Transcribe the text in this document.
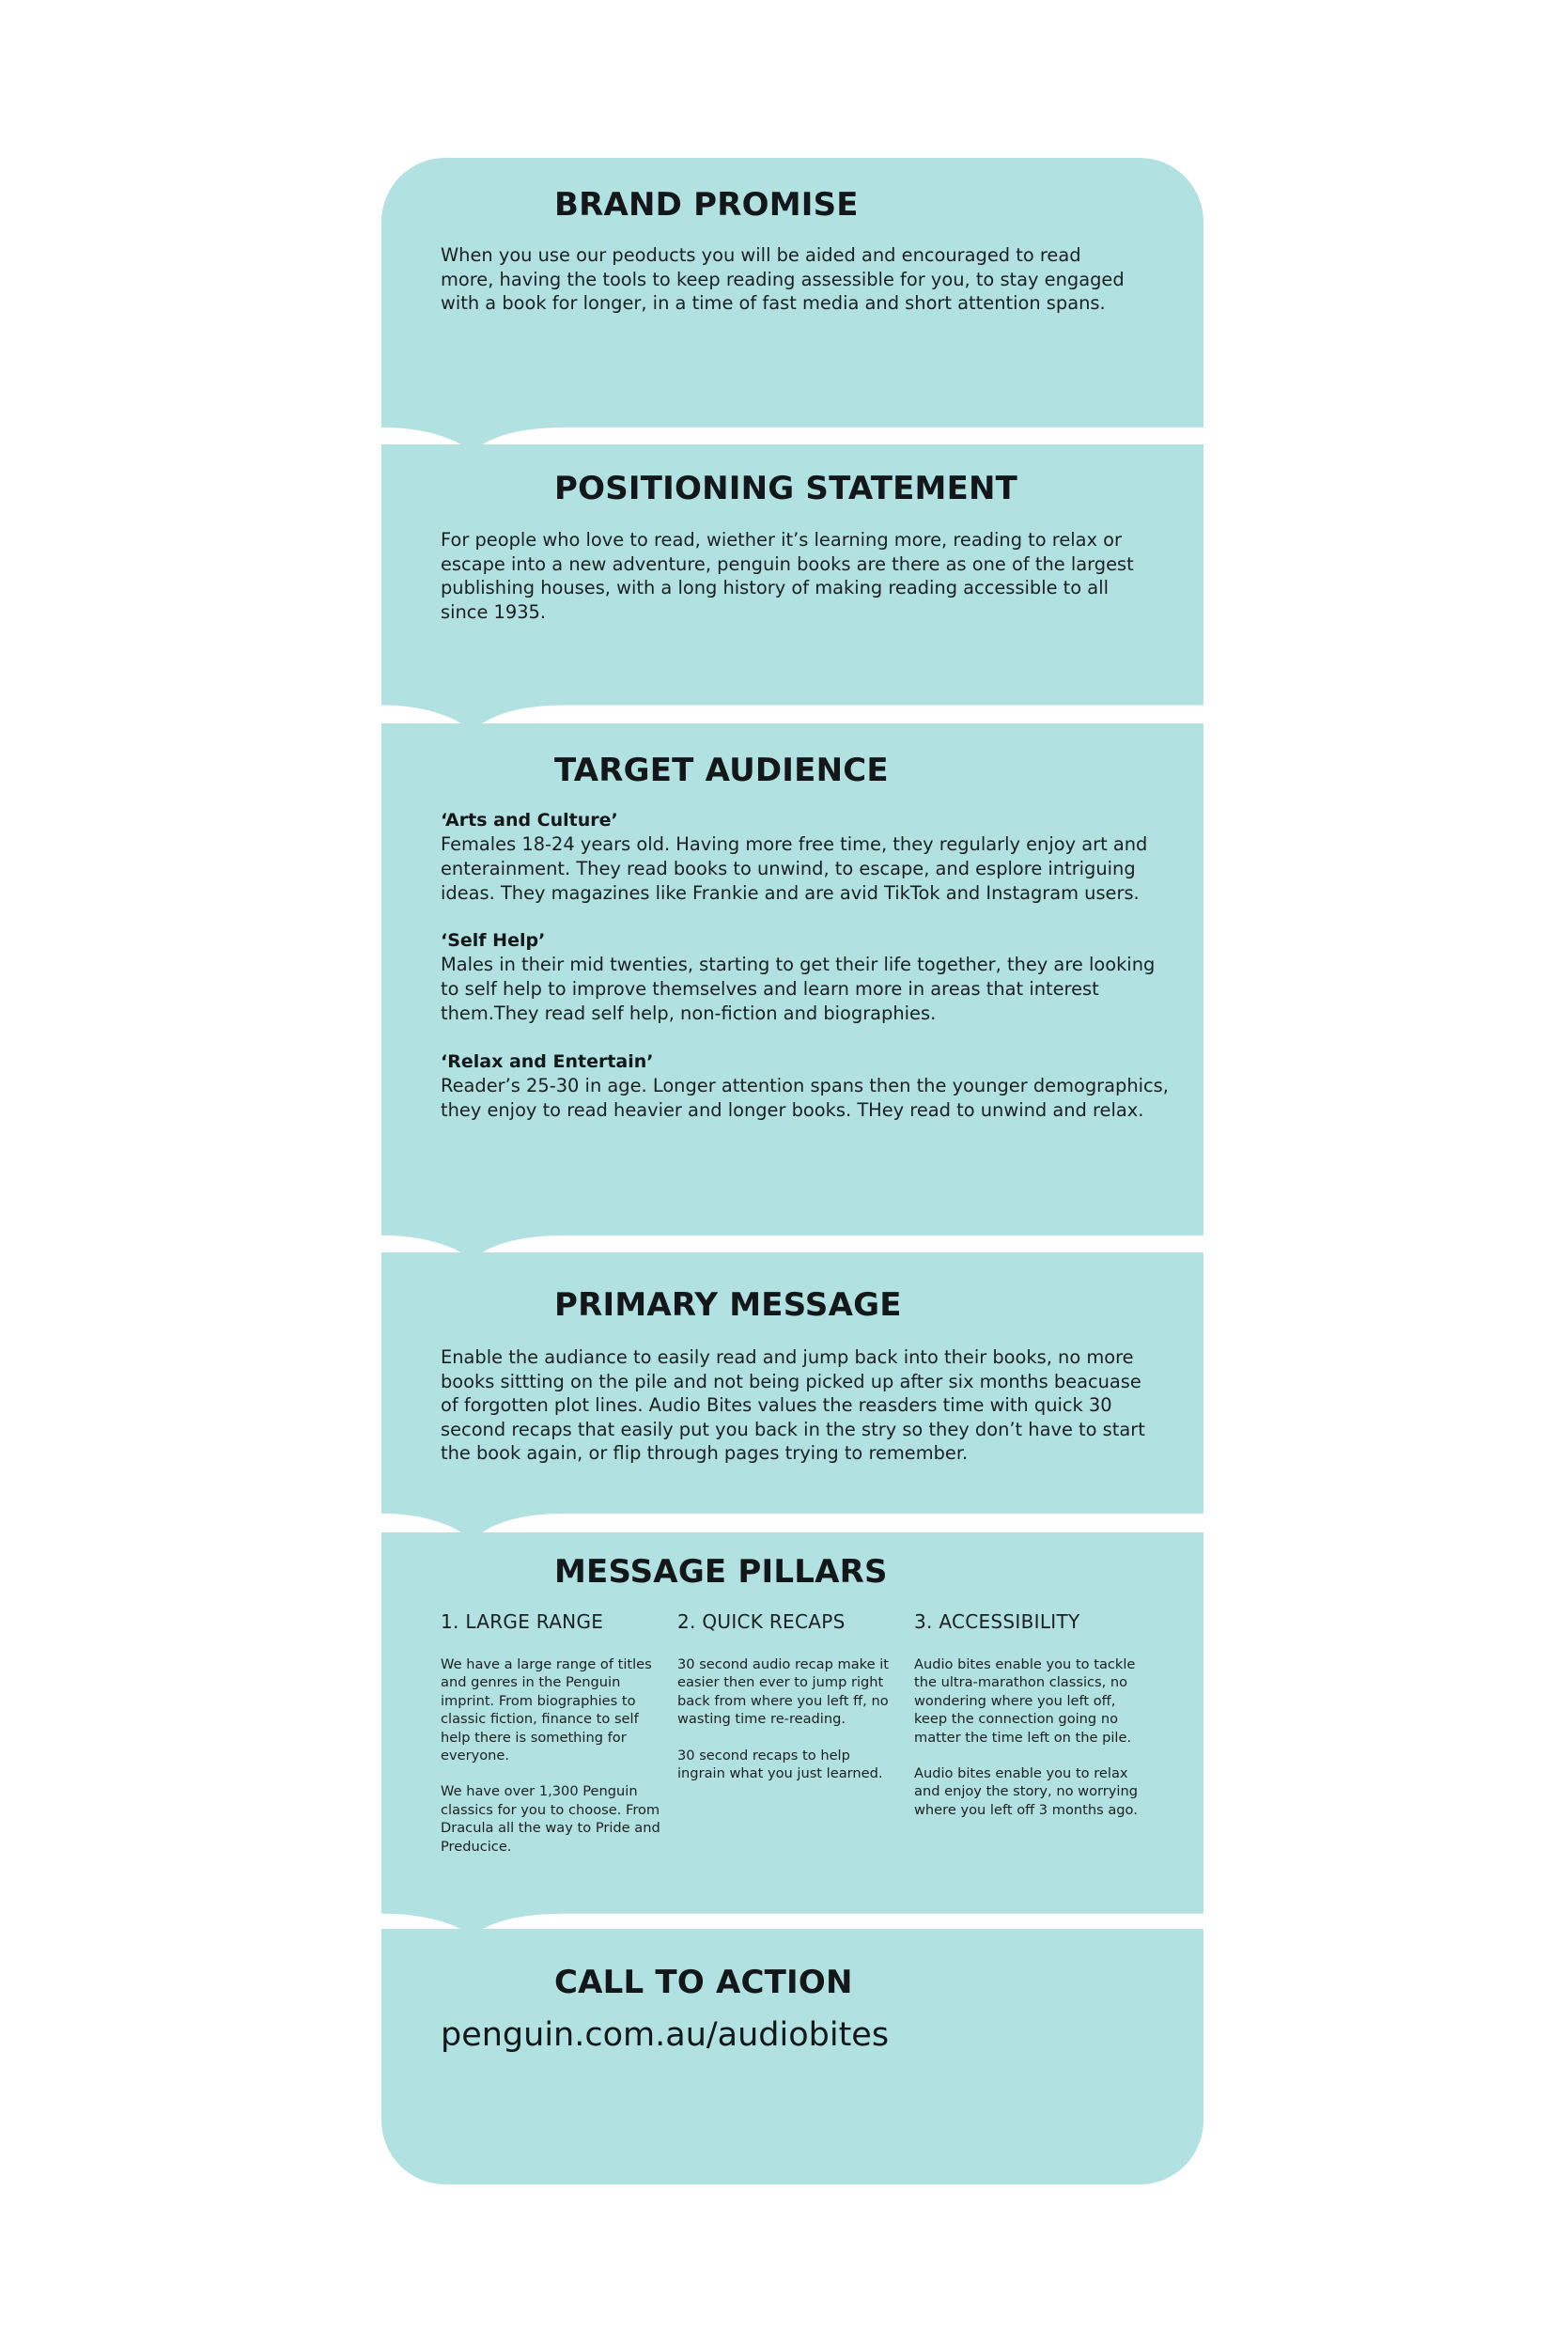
BRAND PROMISE

When you use our peoducts you will be aided and encouraged to read more, having the tools to keep reading assessible for you, to stay engaged with a book for longer, in a time of fast media and short attention spans.

POSITIONING STATEMENT

For people who love to read, wiether it’s learning more, reading to relax or escape into a new adventure, penguin books are there as one of the largest publishing houses, with a long history of making reading accessible to all since 1935.

TARGET AUDIENCE
‘Arts and Culture’
Females 18-24 years old. Having more free time, they regularly enjoy art and enterainment. They read books to unwind, to escape, and esplore intriguing ideas. They magazines like Frankie and are avid TikTok and Instagram users.
‘Self Help’
Males in their mid twenties, starting to get their life together, they are looking to self help to improve themselves and learn more in areas that interest them.They read self help, non-fiction and biographies.
‘Relax and Entertain’
Reader’s 25-30 in age. Longer attention spans then the younger demographics, they enjoy to read heavier and longer books. THey read to unwind and relax.
PRIMARY MESSAGE

Enable the audiance to easily read and jump back into their books, no more books sittting on the pile and not being picked up after six months beacuase of forgotten plot lines. Audio Bites values the reasders time with quick 30 second recaps that easily put you back in the stry so they don’t have to start the book again, or flip through pages trying to remember.

MESSAGE PILLARS
1. LARGE RANGE

We have a large range of titles and genres in the Penguin imprint. From biographies to classic fiction, finance to self help there is something for everyone.

We have over 1,300 Penguin classics for you to choose. From Dracula all the way to Pride and Preducice.

2. QUICK RECAPS

30 second audio recap make it easier then ever to jump right back from where you left ff, no wasting time re-reading.

30 second recaps to help ingrain what you just learned.

3. ACCESSIBILITY

Audio bites enable you to tackle the ultra-marathon classics, no wondering where you left off, keep the connection going no matter the time left on the pile.

Audio bites enable you to relax and enjoy the story, no worrying where you left off 3 months ago.

CALL TO ACTION

penguin.com.au/audiobites
